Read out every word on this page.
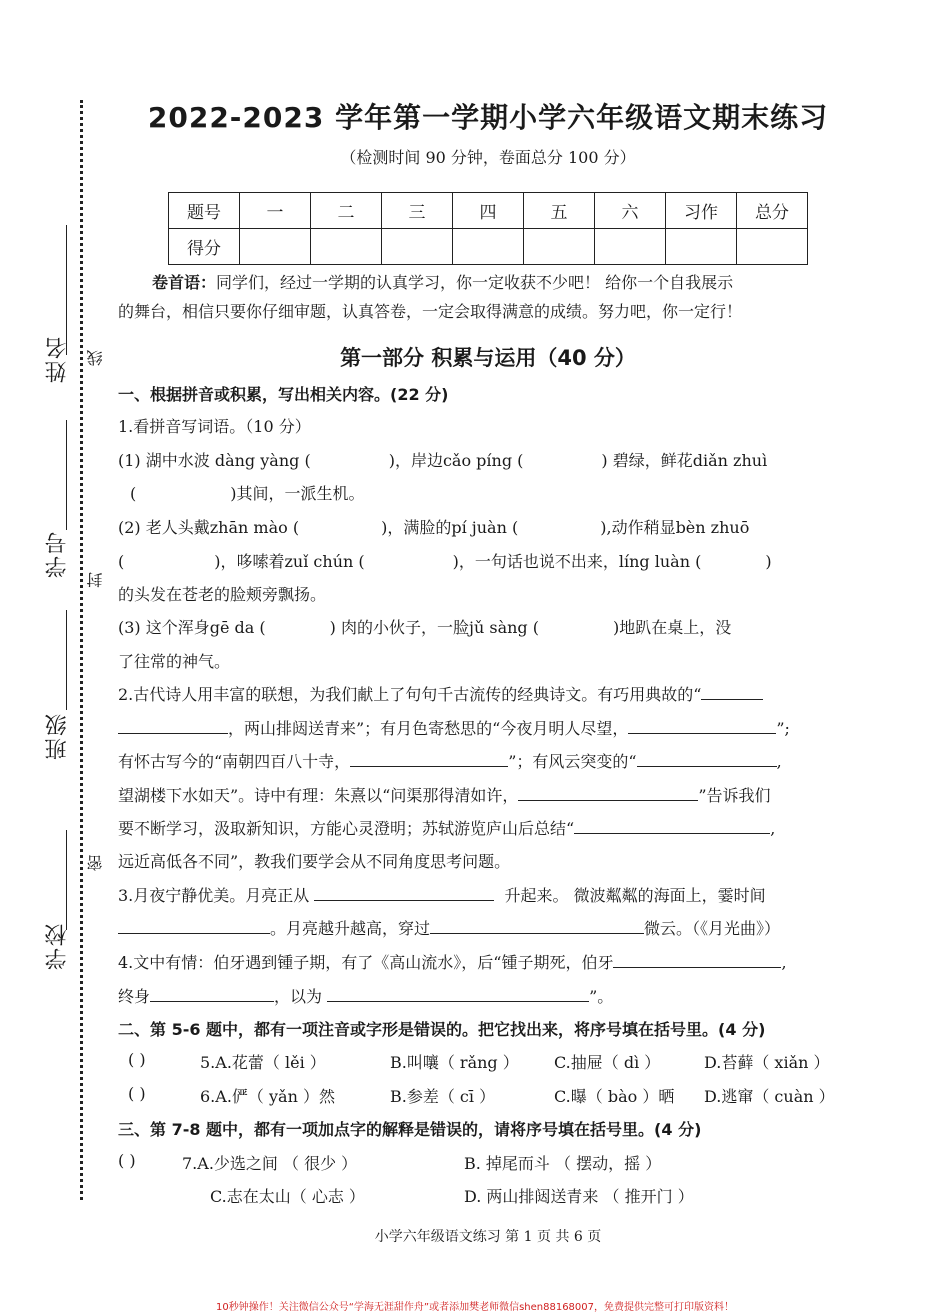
姓名
学号
班级
学校
线
封
密
2022-2023 学年第一学期小学六年级语文期末练习
（检测时间 90 分钟，卷面总分 100 分）
题号	一	二	三	四	五	六	习作	总分
得分								
卷首语：同学们，经过一学期的认真学习，你一定收获不少吧！ 给你一个自我展示
的舞台，相信只要你仔细审题，认真答卷，一定会取得满意的成绩。努力吧，你一定行！
第一部分 积累与运用（40 分）
一、根据拼音或积累，写出相关内容。(22 分)
1.看拼音写词语。（10 分）
(1) 湖中水波 dàng yàng (	)，岸边cǎo píng (	) 碧绿，鲜花diǎn zhuì
(	)其间，一派生机。
(2) 老人头戴zhān mào (	)，满脸的pí juàn (	),动作稍显bèn zhuō
(	)，哆嗦着zuǐ chún (	)，一句话也说不出来，líng luàn (	)
的头发在苍老的脸颊旁飘扬。
(3) 这个浑身gē da (	) 肉的小伙子，一脸jǔ sàng (	)地趴在桌上，没
了往常的神气。
2.古代诗人用丰富的联想，为我们献上了句句千古流传的经典诗文。有巧用典故的“
，两山排闼送青来”；有月色寄愁思的“今夜月明人尽望，	”;
有怀古写今的“南朝四百八十寺，	”；有风云突变的“	,
望湖楼下水如天”。诗中有理：朱熹以“问渠那得清如许，	”告诉我们
要不断学习，汲取新知识，方能心灵澄明；苏轼游览庐山后总结“	,
远近高低各不同”，教我们要学会从不同角度思考问题。
3.月夜宁静优美。月亮正从	升起来。 微波粼粼的海面上，霎时间
。月亮越升越高，穿过	微云。（《月光曲》）
4.文中有情：伯牙遇到锺子期，有了《高山流水》，后“锺子期死，伯牙	,
终身	，以为	”。
二、第 5-6 题中，都有一项注音或字形是错误的。把它找出来，将序号填在括号里。(4 分)
( )	5.A.花蕾（ lěi ）	B.叫嚷（ rǎng ） C.抽屉（ dì ）	D.苔藓（ xiǎn ）
( )	6.A.俨（ yǎn ）然	B.参差（ cī ）	C.曝（ bào ）晒 D.逃窜（ cuàn ）
三、第 7-8 题中，都有一项加点字的解释是错误的，请将序号填在括号里。(4 分)
( )	7.A.少选之间 （ 很少 ）	B. 掉尾而斗 （ 摆动，摇 ）
C.志在太山（ 心志 ）	D. 两山排闼送青来 （ 推开门 ）
小学六年级语文练习 第 1 页 共 6 页
10秒钟操作！关注微信公众号“学海无涯甜作舟”或者添加樊老师微信shen88168007，免费提供完整可打印版资料！
